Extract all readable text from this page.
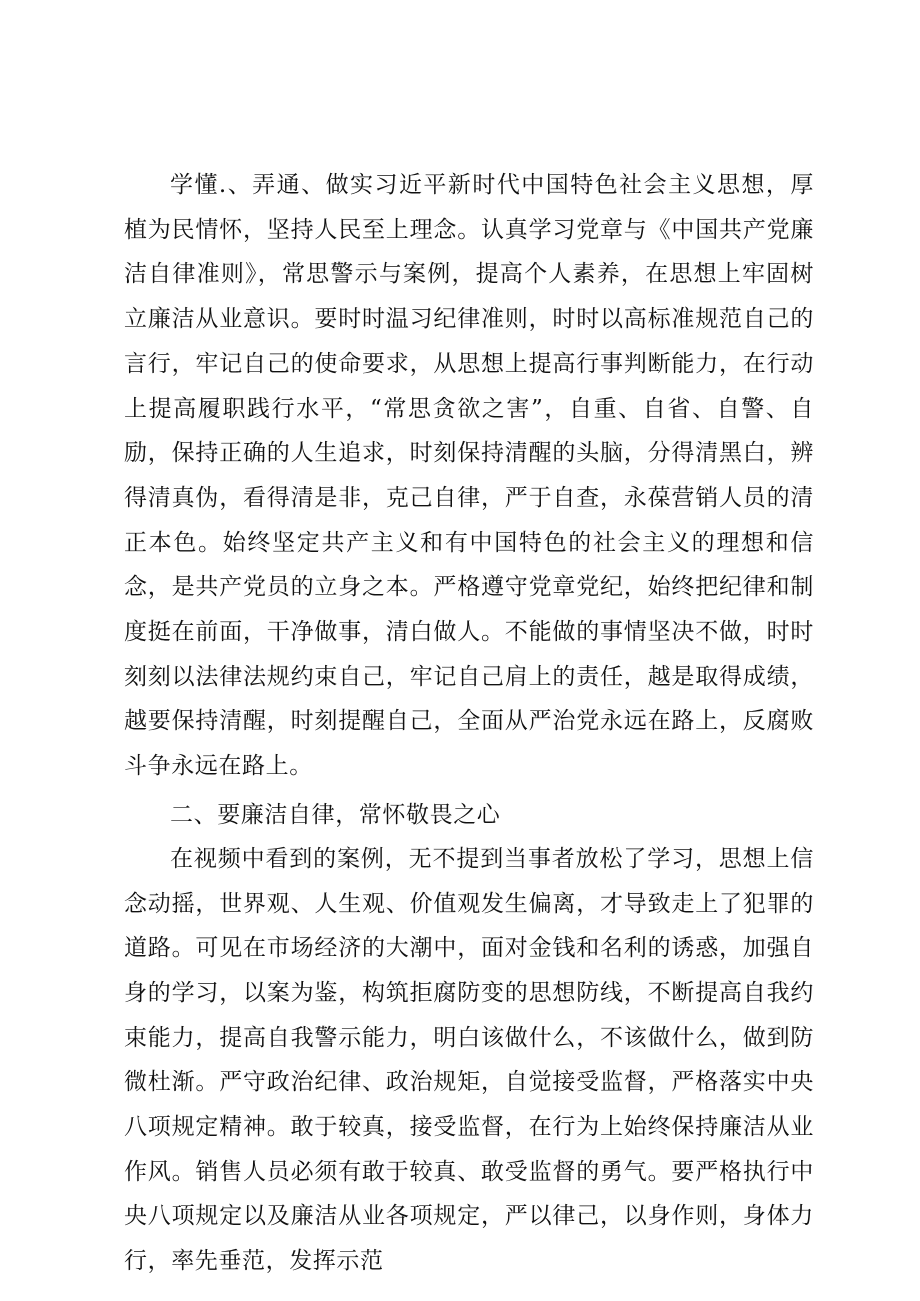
学懂.、弄通、做实习近平新时代中国特色社会主义思想，厚植为民情怀，坚持人民至上理念。认真学习党章与《中国共产党廉洁自律准则》，常思警示与案例，提高个人素养，在思想上牢固树立廉洁从业意识。要时时温习纪律准则，时时以高标准规范自己的言行，牢记自己的使命要求，从思想上提高行事判断能力，在行动上提高履职践行水平，“常思贪欲之害”，自重、自省、自警、自励，保持正确的人生追求，时刻保持清醒的头脑，分得清黑白，辨得清真伪，看得清是非，克己自律，严于自查，永葆营销人员的清正本色。始终坚定共产主义和有中国特色的社会主义的理想和信念，是共产党员的立身之本。严格遵守党章党纪，始终把纪律和制度挺在前面，干净做事，清白做人。不能做的事情坚决不做，时时刻刻以法律法规约束自己，牢记自己肩上的责任，越是取得成绩，越要保持清醒，时刻提醒自己，全面从严治党永远在路上，反腐败斗争永远在路上。

二、要廉洁自律，常怀敬畏之心

在视频中看到的案例，无不提到当事者放松了学习，思想上信念动摇，世界观、人生观、价值观发生偏离，才导致走上了犯罪的道路。可见在市场经济的大潮中，面对金钱和名利的诱惑，加强自身的学习，以案为鉴，构筑拒腐防变的思想防线，不断提高自我约束能力，提高自我警示能力，明白该做什么，不该做什么，做到防微杜渐。严守政治纪律、政治规矩，自觉接受监督，严格落实中央八项规定精神。敢于较真，接受监督，在行为上始终保持廉洁从业作风。销售人员必须有敢于较真、敢受监督的勇气。要严格执行中央八项规定以及廉洁从业各项规定，严以律己，以身作则，身体力行，率先垂范，发挥示范
